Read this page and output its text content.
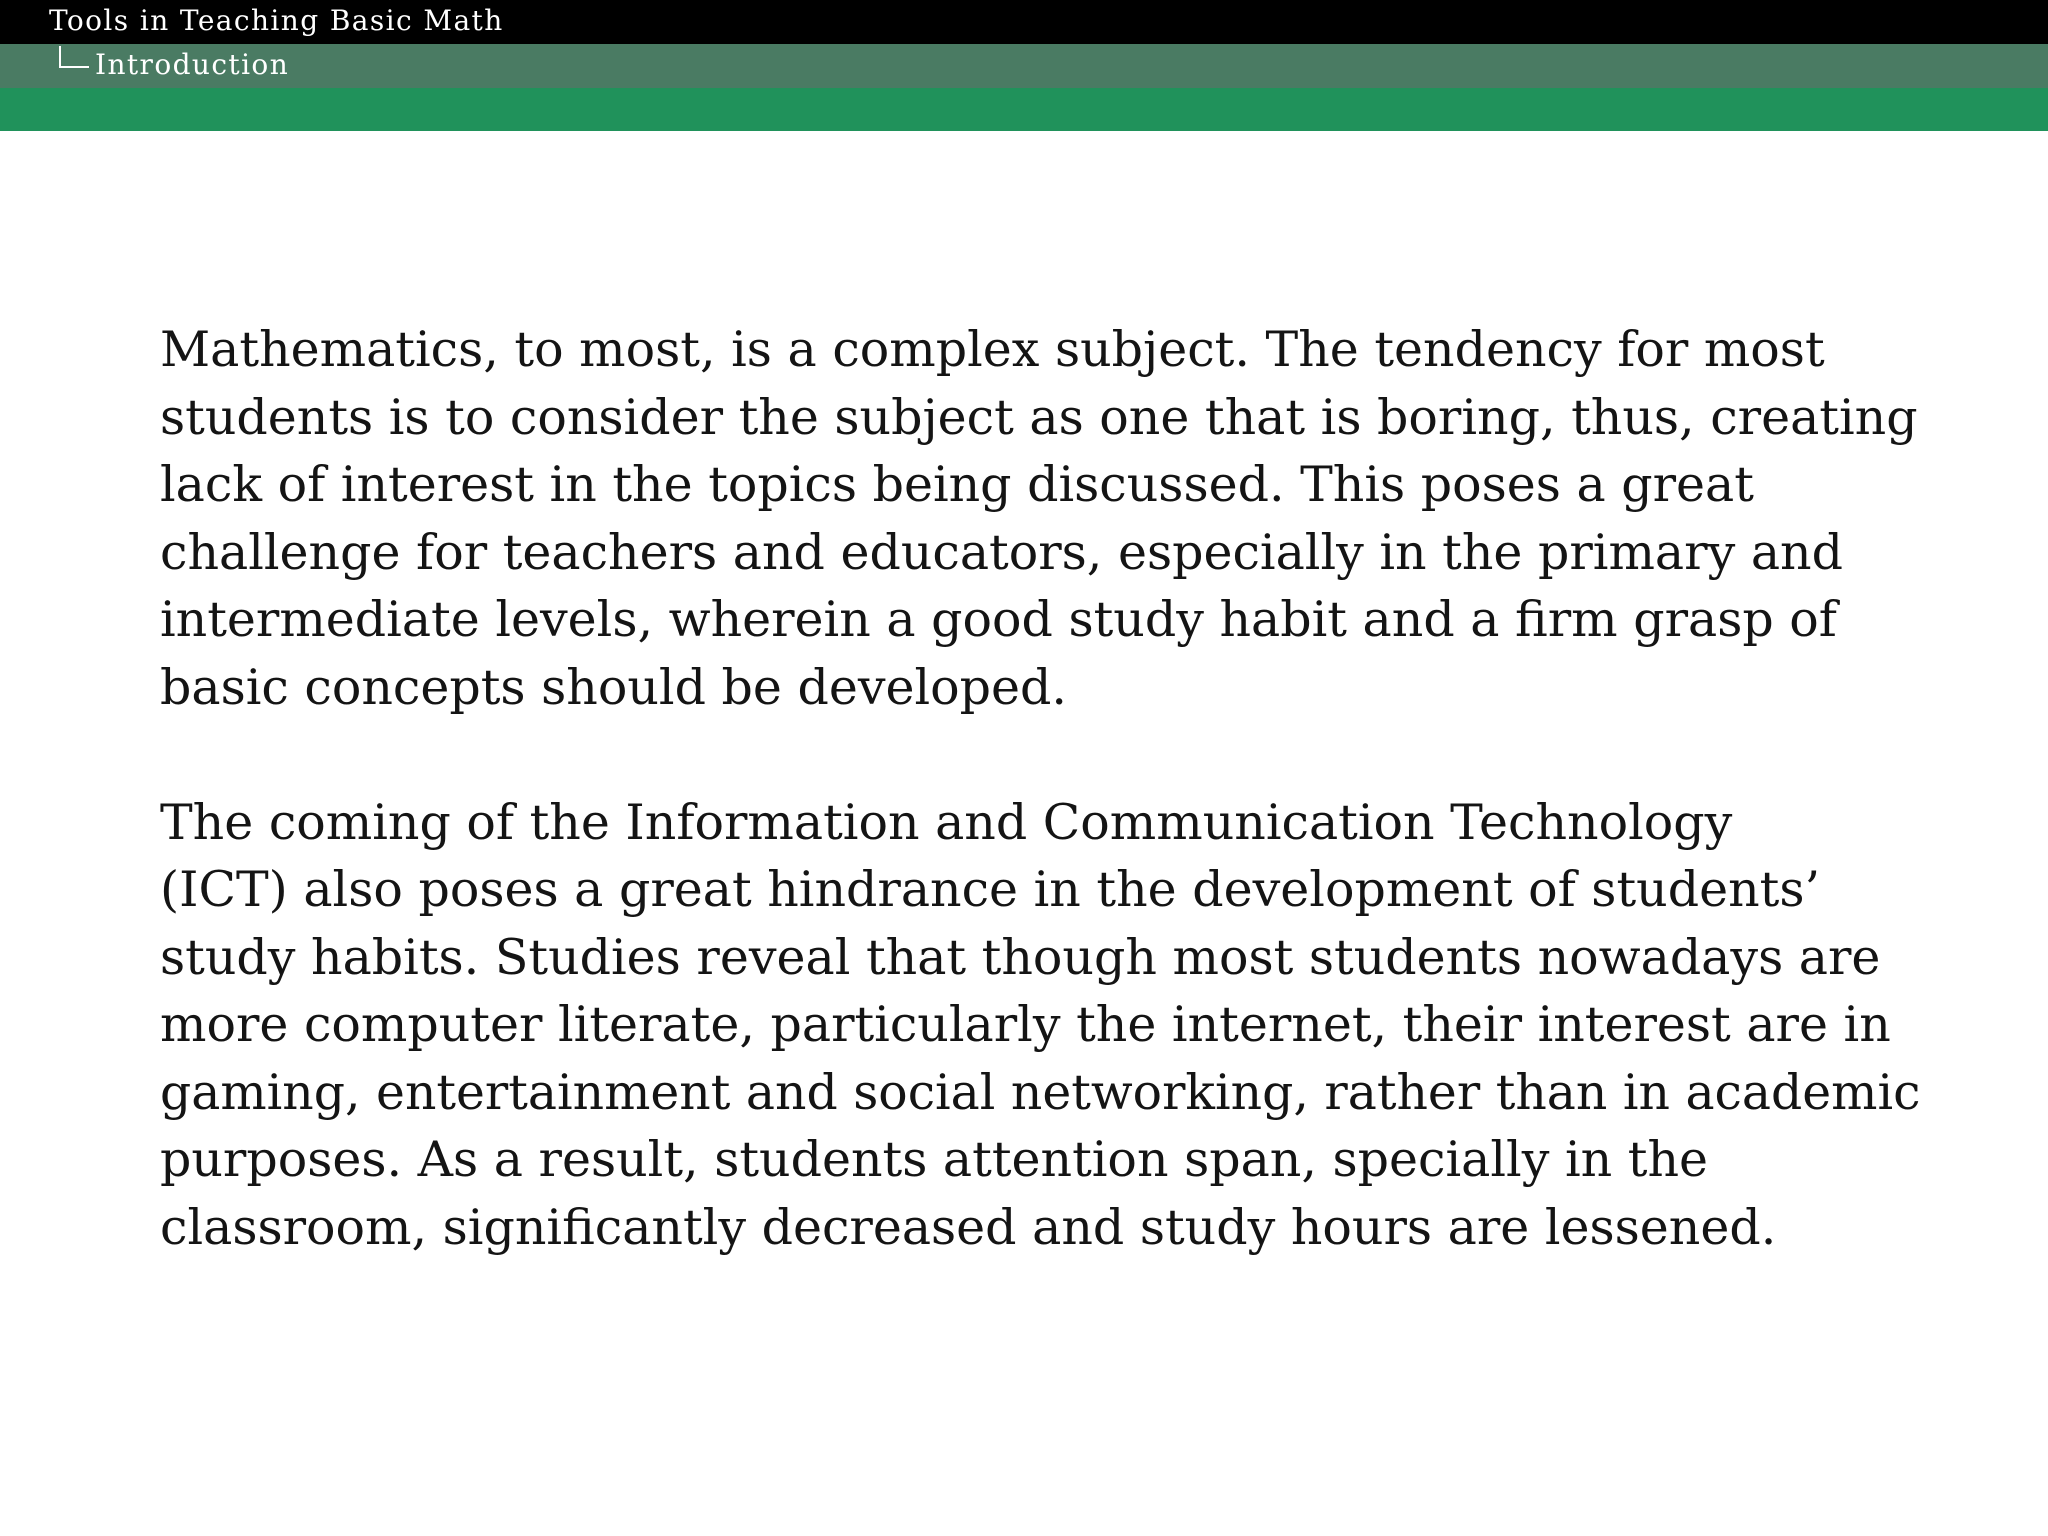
Tools in Teaching Basic Math
Introduction
Mathematics, to most, is a complex subject. The tendency for most
students is to consider the subject as one that is boring, thus, creating
lack of interest in the topics being discussed. This poses a great
challenge for teachers and educators, especially in the primary and
intermediate levels, wherein a good study habit and a firm grasp of
basic concepts should be developed.
The coming of the Information and Communication Technology
(ICT) also poses a great hindrance in the development of students’
study habits. Studies reveal that though most students nowadays are
more computer literate, particularly the internet, their interest are in
gaming, entertainment and social networking, rather than in academic
purposes. As a result, students attention span, specially in the
classroom, significantly decreased and study hours are lessened.
